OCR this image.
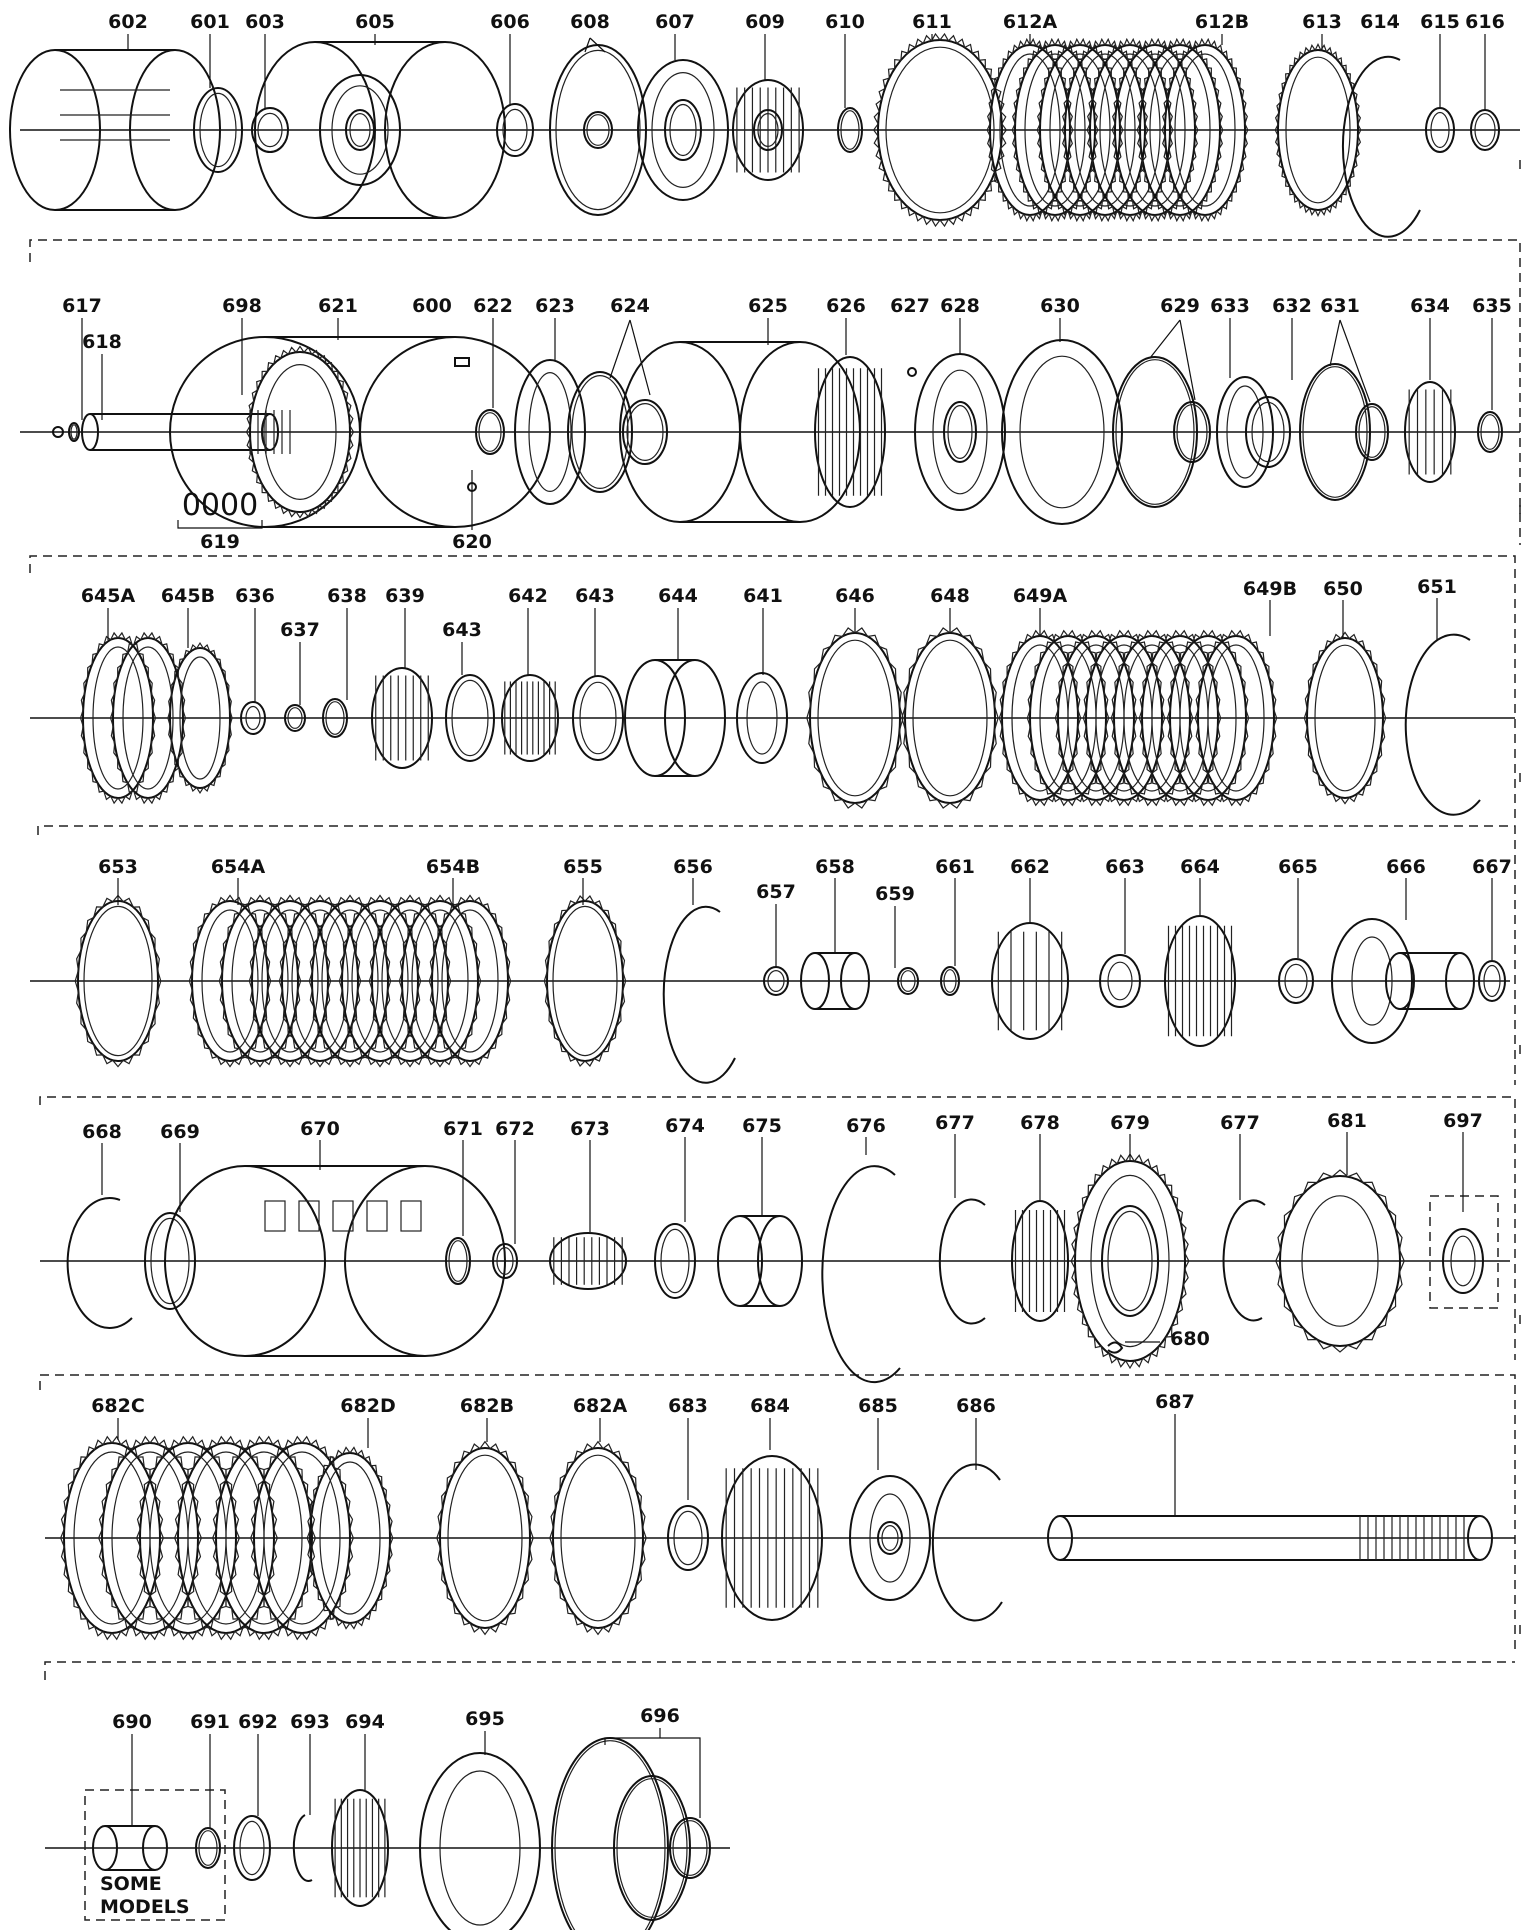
602 601 603	605	606 608 607	609 610 611	612A	612B	613 614 615 616
617
618
698	621	600 622 623 624	625 626 627 628	630	629 633 632 631	634 635
619	620
0000
645A 645B 636
637
638 639
643
642 643 644 641	646	648 649A	649B 650	651
653	654A	654B	655	656
657
658
659
661 662	663 664	665	666 667
668 669	670	671 672 673	674 675	676	677 678	679	677	681	697
680
682C	682D	682B	682A 683 684	685	686	687
690 691 692 693 694	695	696
SOME
MODELS
